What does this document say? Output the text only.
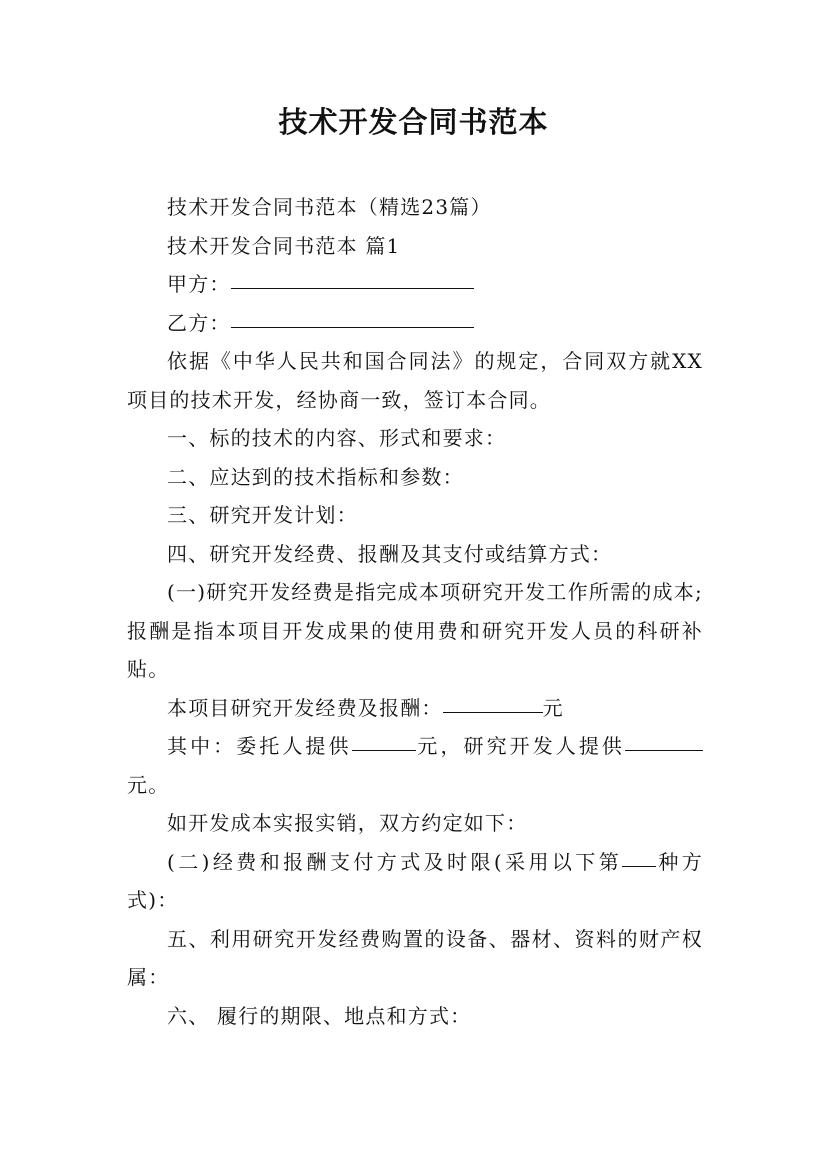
技术开发合同书范本

技术开发合同书范本（精选23篇）

技术开发合同书范本 篇1

甲方：

乙方：

依据《中华人民共和国合同法》的规定，合同双方就XX项目的技术开发，经协商一致，签订本合同。

一、标的技术的内容、形式和要求：

二、应达到的技术指标和参数：

三、研究开发计划：

四、研究开发经费、报酬及其支付或结算方式：

(一)研究开发经费是指完成本项研究开发工作所需的成本;报酬是指本项目开发成果的使用费和研究开发人员的科研补贴。

本项目研究开发经费及报酬：	元

其中：委托人提供	元，研究开发人提供元。

如开发成本实报实销，双方约定如下：

(二)经费和报酬支付方式及时限(采用以下第 种方式)：

五、利用研究开发经费购置的设备、器材、资料的财产权属：

六、 履行的期限、地点和方式：
